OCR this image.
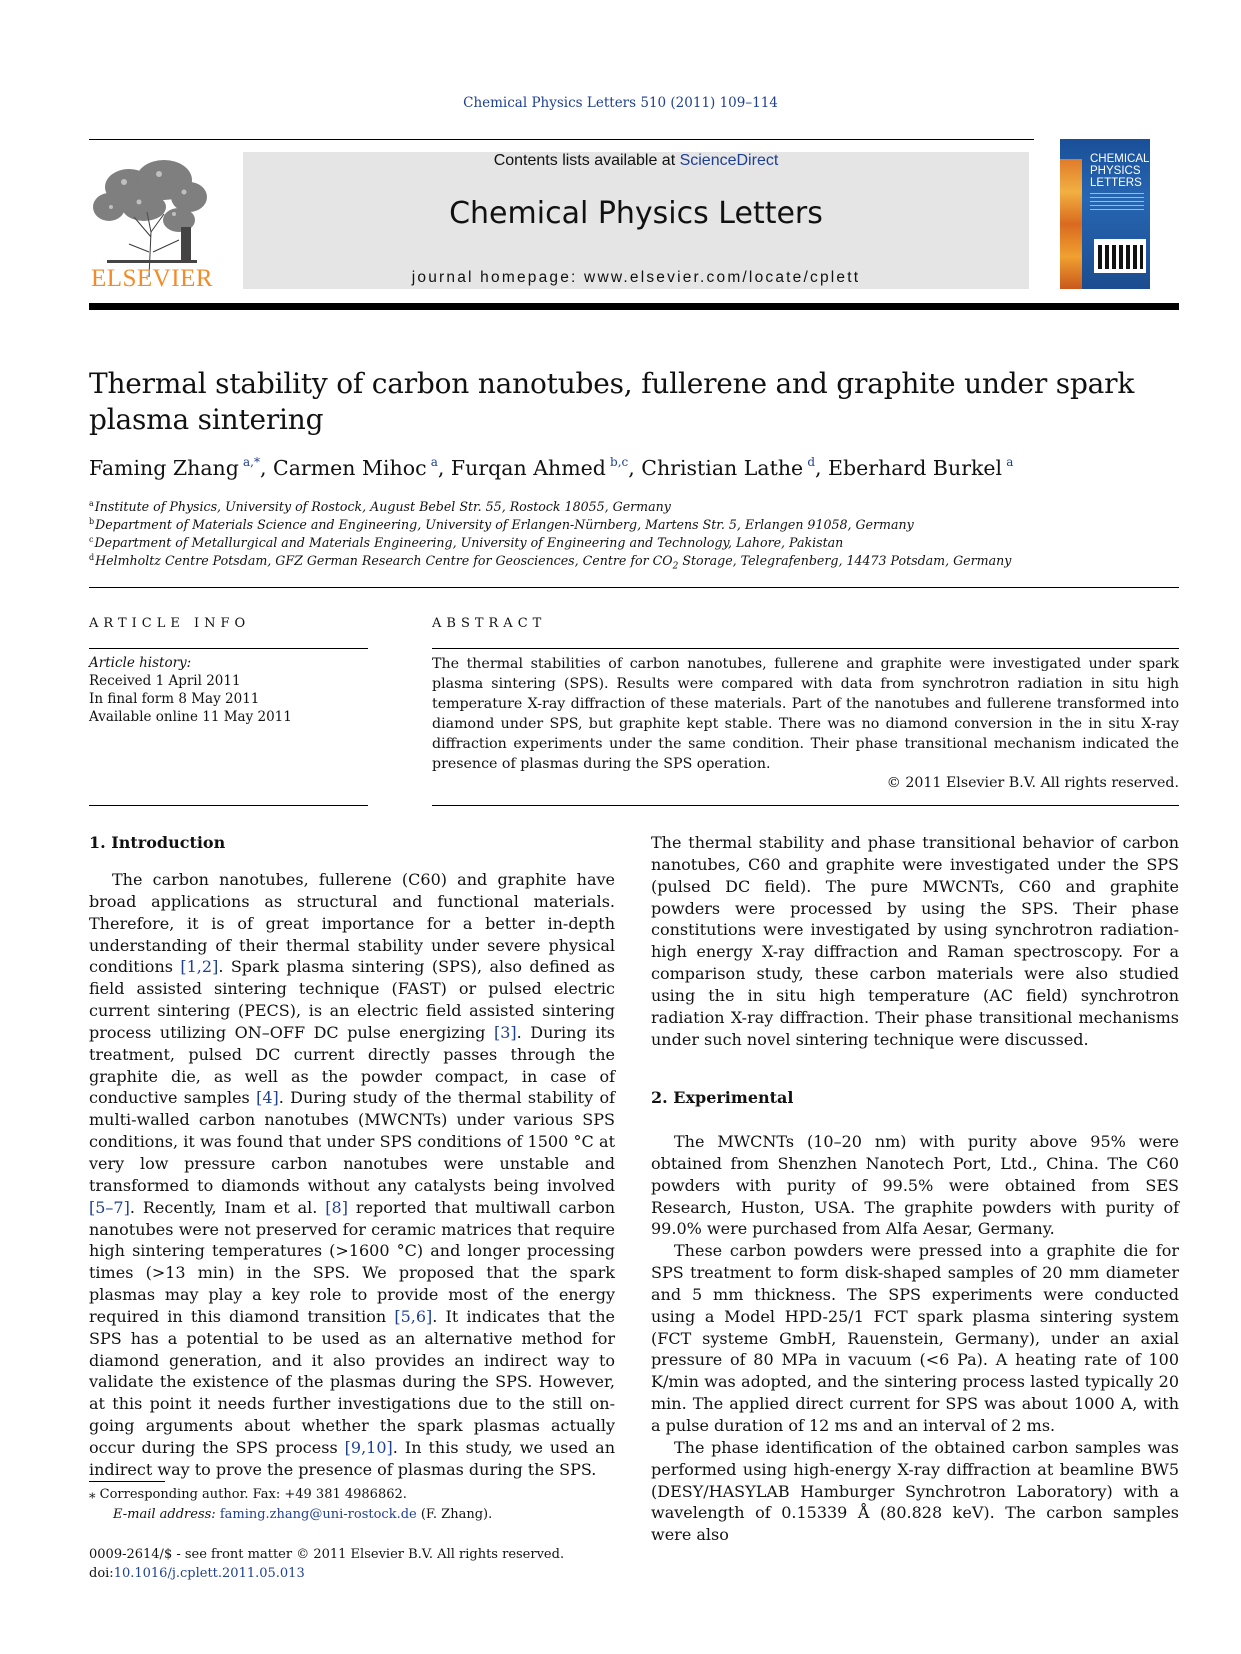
Chemical Physics Letters 510 (2011) 109–114
ELSEVIER
Contents lists available at ScienceDirect
Chemical Physics Letters
journal homepage: www.elsevier.com/locate/cplett
CHEMICAL
PHYSICS
LETTERS
Thermal stability of carbon nanotubes, fullerene and graphite under spark plasma sintering
Faming Zhang  $^{a,*}$, Carmen Mihoc  $^a$, Furqan Ahmed  $^{b,c}$, Christian Lathe  $^d$, Eberhard Burkel  $^a$
$^a$Institute of Physics, University of Rostock, August Bebel Str. 55, Rostock 18055, Germany
$^b$Department of Materials Science and Engineering, University of Erlangen-Nürnberg, Martens Str. 5, Erlangen 91058, Germany
$^c$Department of Metallurgical and Materials Engineering, University of Engineering and Technology, Lahore, Pakistan
$^d$Helmholtz Centre Potsdam, GFZ German Research Centre for Geosciences, Centre for $CO_2$ Storage, Telegrafenberg, 14473 Potsdam, Germany
ARTICLE INFO
Article history:
Received 1 April 2011
In final form 8 May 2011
Available online 11 May 2011
ABSTRACT
The thermal stabilities of carbon nanotubes, fullerene and graphite were investigated under spark plasma sintering (SPS). Results were compared with data from synchrotron radiation in situ high temperature X-ray diffraction of these materials. Part of the nanotubes and fullerene transformed into diamond under SPS, but graphite kept stable. There was no diamond conversion in the in situ X-ray diffraction experiments under the same condition. Their phase transitional mechanism indicated the presence of plasmas during the SPS operation.
© 2011 Elsevier B.V. All rights reserved.
1. Introduction

The carbon nanotubes, fullerene (C60) and graphite have broad applications as structural and functional materials. Therefore, it is of great importance for a better in-depth understanding of their thermal stability under severe physical conditions [1,2]. Spark plasma sintering (SPS), also defined as field assisted sintering technique (FAST) or pulsed electric current sintering (PECS), is an electric field assisted sintering process utilizing ON–OFF DC pulse energizing [3]. During its treatment, pulsed DC current directly passes through the graphite die, as well as the powder compact, in case of conductive samples [4]. During study of the thermal stability of multi-walled carbon nanotubes (MWCNTs) under various SPS conditions, it was found that under SPS conditions of 1500 °C at very low pressure carbon nanotubes were unstable and transformed to diamonds without any catalysts being involved [5–7]. Recently, Inam et al. [8] reported that multiwall carbon nanotubes were not preserved for ceramic matrices that require high sintering temperatures (>1600 °C) and longer processing times (>13 min) in the SPS. We proposed that the spark plasmas may play a key role to provide most of the energy required in this diamond transition [5,6]. It indicates that the SPS has a potential to be used as an alternative method for diamond generation, and it also provides an indirect way to validate the existence of the plasmas during the SPS. However, at this point it needs further investigations due to the still on-going arguments about whether the spark plasmas actually occur during the SPS process [9,10]. In this study, we used an indirect way to prove the presence of plasmas during the SPS.

The thermal stability and phase transitional behavior of carbon nanotubes, C60 and graphite were investigated under the SPS (pulsed DC field). The pure MWCNTs, C60 and graphite powders were processed by using the SPS. Their phase constitutions were investigated by using synchrotron radiation-high energy X-ray diffraction and Raman spectroscopy. For a comparison study, these carbon materials were also studied using the in situ high temperature (AC field) synchrotron radiation X-ray diffraction. Their phase transitional mechanisms under such novel sintering technique were discussed.

2. Experimental

The MWCNTs (10–20 nm) with purity above 95% were obtained from Shenzhen Nanotech Port, Ltd., China. The C60 powders with purity of 99.5% were obtained from SES Research, Huston, USA. The graphite powders with purity of 99.0% were purchased from Alfa Aesar, Germany.

These carbon powders were pressed into a graphite die for SPS treatment to form disk-shaped samples of 20 mm diameter and 5 mm thickness. The SPS experiments were conducted using a Model HPD-25/1 FCT spark plasma sintering system (FCT systeme GmbH, Rauenstein, Germany), under an axial pressure of 80 MPa in vacuum (<6 Pa). A heating rate of 100 K/min was adopted, and the sintering process lasted typically 20 min. The applied direct current for SPS was about 1000 A, with a pulse duration of 12 ms and an interval of 2 ms.

The phase identification of the obtained carbon samples was performed using high-energy X-ray diffraction at beamline BW5 (DESY/HASYLAB Hamburger Synchrotron Laboratory) with a wavelength of 0.15339 Å (80.828 keV). The carbon samples were also

⁎ Corresponding author. Fax: +49 381 4986862.
E-mail address: faming.zhang@uni-rostock.de (F. Zhang).
0009-2614/$ - see front matter © 2011 Elsevier B.V. All rights reserved.
doi:10.1016/j.cplett.2011.05.013
